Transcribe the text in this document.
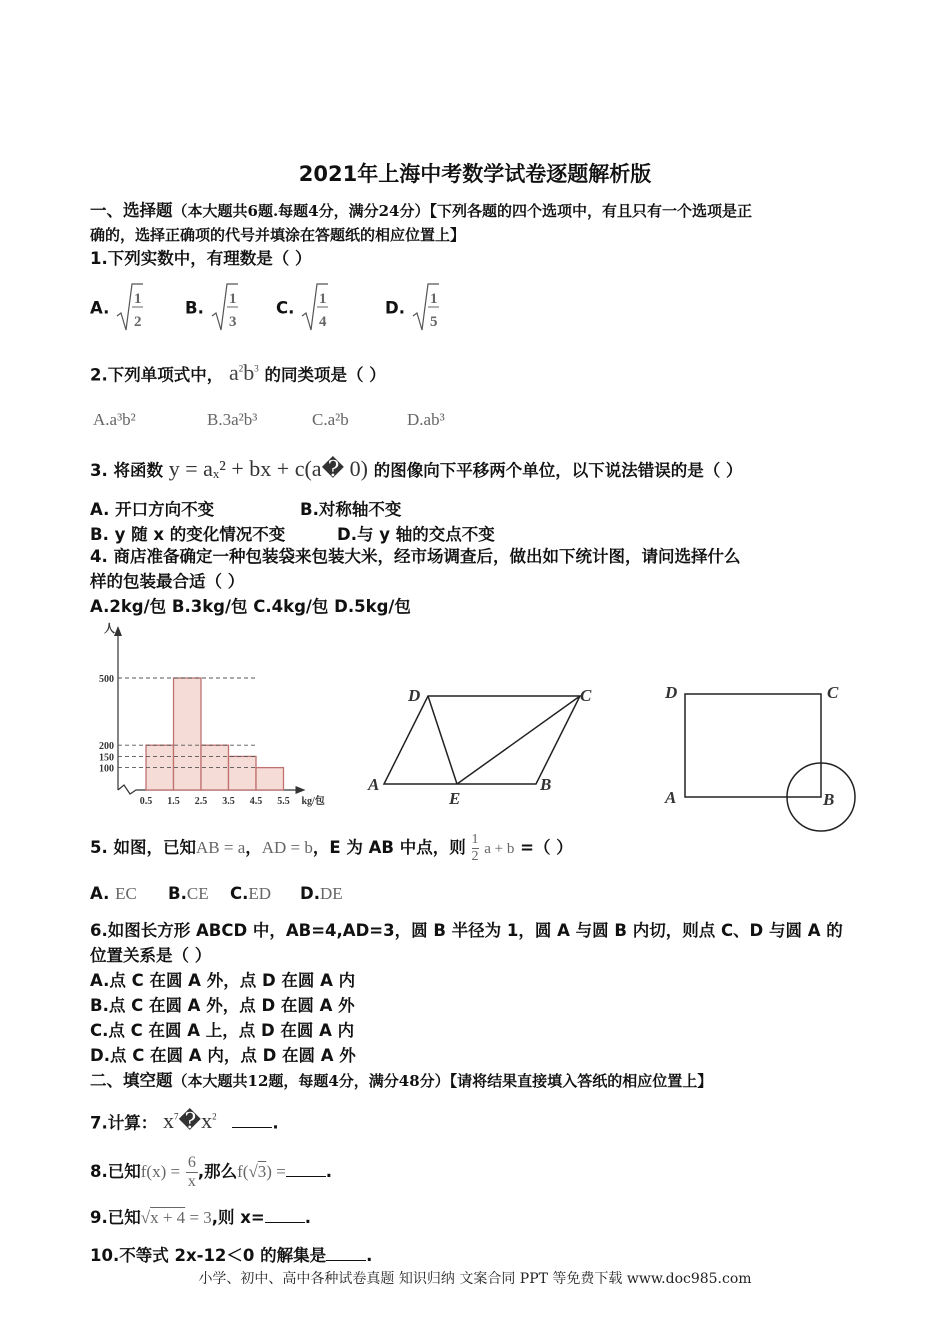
2021年上海中考数学试卷逐题解析版
一、选择题（本大题共6题.每题4分，满分24分）【下列各题的四个选项中，有且只有一个选项是正
确的，选择正确项的代号并填涂在答题纸的相应位置上】
1.下列实数中，有理数是（ ）
A. 1
2
B. 1
3
C. 1
4
D. 1
5
2.下列单项式中， $a^2b^3$ 的同类项是（ ）
A.a³b²	B.3a²b³	C.a²b	D.ab³
3. 将函数 y = aₓ² + bx + c(a� 0) 的图像向下平移两个单位，以下说法错误的是（ ）
A. 开口方向不变	B.对称轴不变
B. y 随 x 的变化情况不变	D.与 y 轴的交点不变
4. 商店准备确定一种包装袋来包装大米，经市场调查后，做出如下统计图，请问选择什么
样的包装最合适（ ）
A.2kg/包 B.3kg/包 C.4kg/包 D.5kg/包
500
200
150
100
0.5 1.5 2.5 3.5 4.5 5.5
人
kg/包
D	C
A
E
B
D	C
A	B
5. 如图，已知AB = a，AD = b，E 为 AB 中点，则 $\frac{1}{2}$ a + b =（ ）
A. EC B.CE C.ED D.DE
6.如图长方形 ABCD 中，AB=4,AD=3，圆 B 半径为 1，圆 A 与圆 B 内切，则点 C、D 与圆 A 的
位置关系是（ ）
A.点 C 在圆 A 外，点 D 在圆 A 内
B.点 C 在圆 A 外，点 D 在圆 A 外
C.点 C 在圆 A 上，点 D 在圆 A 内
D.点 C 在圆 A 内，点 D 在圆 A 外
二、填空题（本大题共12题，每题4分，满分48分）【请将结果直接填入答纸的相应位置上】
7.计算： $x^7�x^2$	.
8.已知$f(x) = \frac{6}{x}$ ,那么f(√3) = .
9.已知√x + 4 = 3,则 x= .
10.不等式 2x-12＜0 的解集是 .
小学、初中、高中各种试卷真题 知识归纳 文案合同 PPT 等免费下载 www.doc985.com
